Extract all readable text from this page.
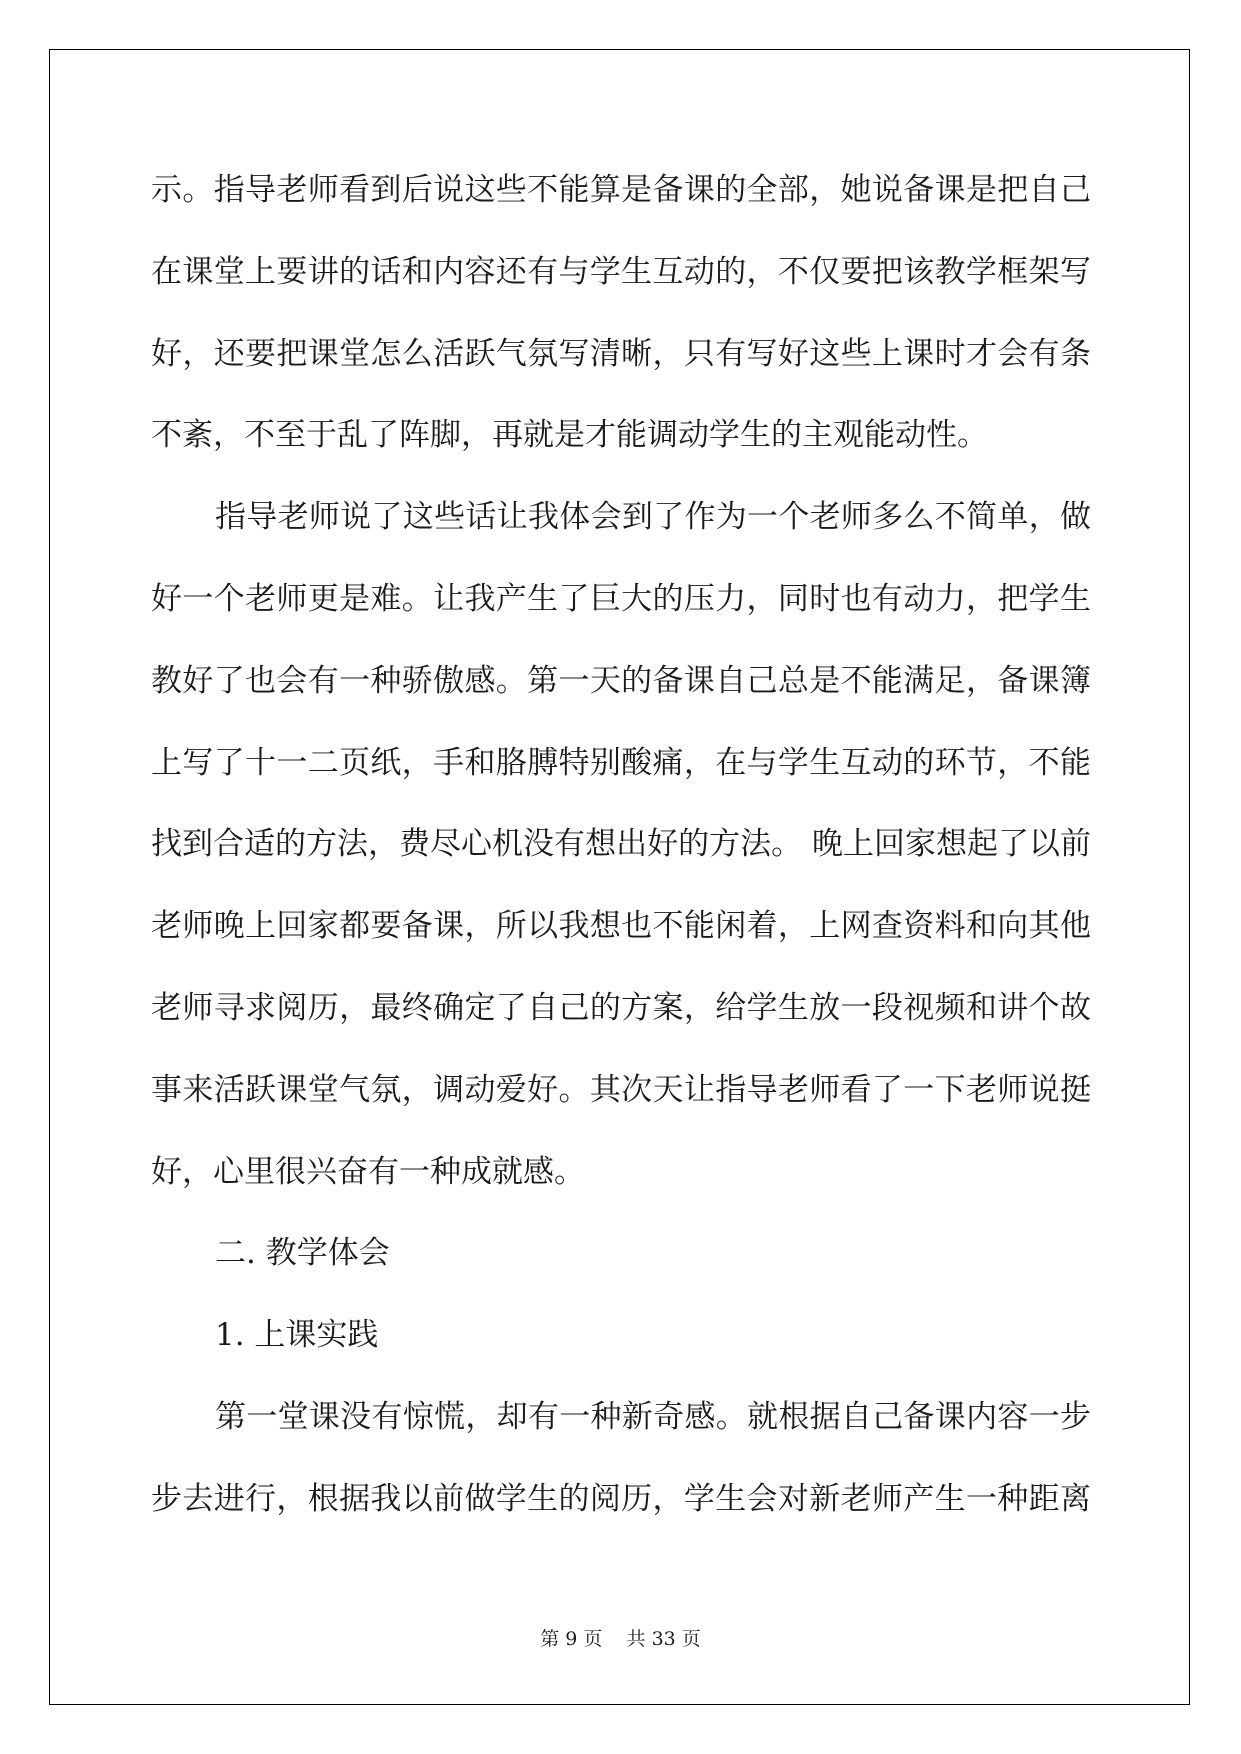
示。指导老师看到后说这些不能算是备课的全部，她说备课是把自己
在课堂上要讲的话和内容还有与学生互动的，不仅要把该教学框架写
好，还要把课堂怎么活跃气氛写清晰，只有写好这些上课时才会有条
不紊，不至于乱了阵脚，再就是才能调动学生的主观能动性。
指导老师说了这些话让我体会到了作为一个老师多么不简单，做
好一个老师更是难。让我产生了巨大的压力，同时也有动力，把学生
教好了也会有一种骄傲感。第一天的备课自己总是不能满足，备课簿
上写了十一二页纸，手和胳膊特别酸痛，在与学生互动的环节，不能
找到合适的方法，费尽心机没有想出好的方法。 晚上回家想起了以前
老师晚上回家都要备课，所以我想也不能闲着，上网查资料和向其他
老师寻求阅历，最终确定了自己的方案，给学生放一段视频和讲个故
事来活跃课堂气氛，调动爱好。其次天让指导老师看了一下老师说挺
好，心里很兴奋有一种成就感。
二. 教学体会
1. 上课实践
第一堂课没有惊慌，却有一种新奇感。就根据自己备课内容一步
步去进行，根据我以前做学生的阅历，学生会对新老师产生一种距离
第 9 页    共 33 页
